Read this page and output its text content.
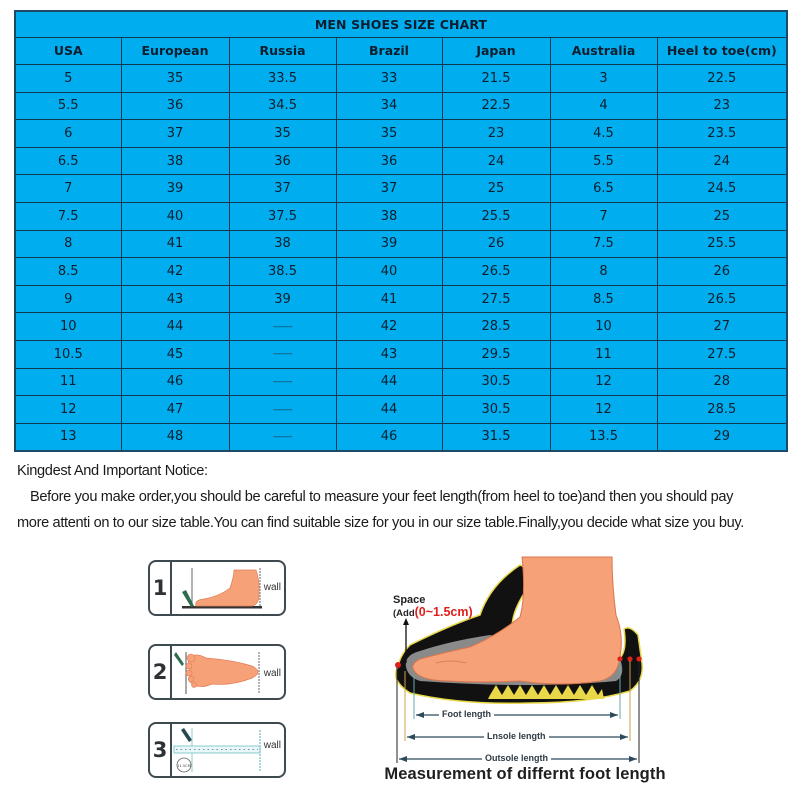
MEN SHOES SIZE CHART						
USA	European	Russia	Brazil	Japan	Australia	Heel to toe(cm)
5	35	33.5	33	21.5	3	22.5
5.5	36	34.5	34	22.5	4	23
6	37	35	35	23	4.5	23.5
6.5	38	36	36	24	5.5	24
7	39	37	37	25	6.5	24.5
7.5	40	37.5	38	25.5	7	25
8	41	38	39	26	7.5	25.5
8.5	42	38.5	40	26.5	8	26
9	43	39	41	27.5	8.5	26.5
10	44	-------	42	28.5	10	27
10.5	45	-------	43	29.5	11	27.5
11	46	-------	44	30.5	12	28
12	47	-------	44	30.5	12	28.5
13	48	-------	46	31.5	13.5	29

Kingdest And Important Notice:

Before you make order,you should be careful to measure your feet length(from heel to toe)and then you should pay

more attenti on to our size table.You can find suitable size for you in our size table.Finally,you decide what size you buy.

1	wall
2	wall
3
11.5CM
wall
Space
(Add(0~1.5cm)
Foot length
Lnsole length
Outsole length
Measurement of differnt foot length
